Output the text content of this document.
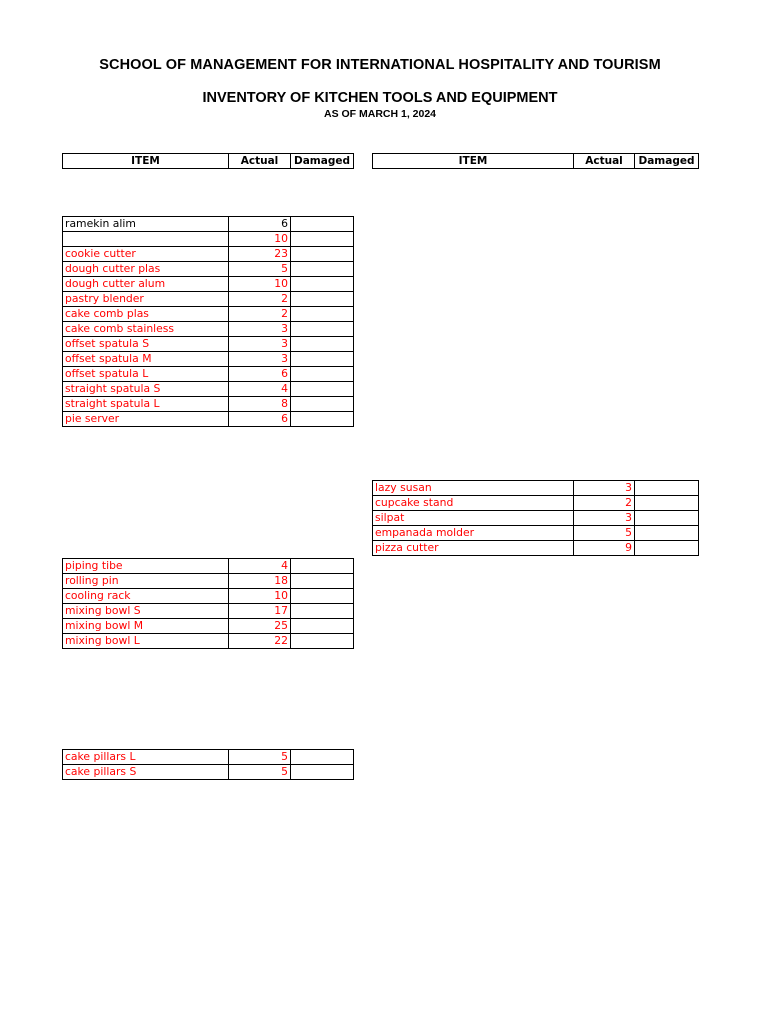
SCHOOL OF MANAGEMENT FOR INTERNATIONAL HOSPITALITY AND TOURISM
INVENTORY OF KITCHEN TOOLS AND EQUIPMENT
AS OF MARCH 1, 2024
ITEM	Actual	Damaged	ITEM	Actual	Damaged
ramekin alim	6	
	10	
cookie cutter	23	
dough cutter plas	5	
dough cutter alum	10	
pastry blender	2	
cake comb plas	2	
cake comb stainless	3	
offset spatula S	3	
offset spatula M	3	
offset spatula L	6	
straight spatula S	4	
straight spatula L	8	
pie server	6	
lazy susan	3	
cupcake stand	2	
silpat	3	
empanada molder	5	
pizza cutter	9	
piping tibe	4	
rolling pin	18	
cooling rack	10	
mixing bowl S	17	
mixing bowl M	25	
mixing bowl L	22	
cake pillars L	5	
cake pillars S	5	
